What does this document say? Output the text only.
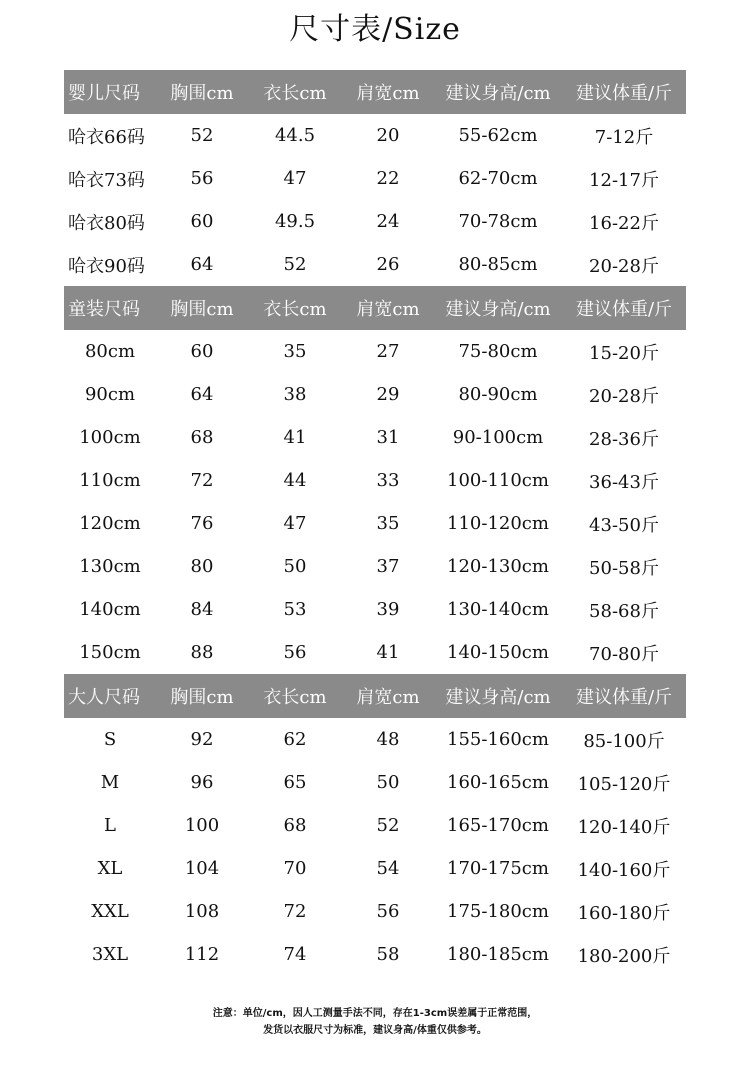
尺寸表/Size
婴儿尺码	胸围cm	衣长cm	肩宽cm	建议身高/cm	建议体重/斤
哈衣66码	52	44.5	20	55-62cm	7-12斤
哈衣73码	56	47	22	62-70cm	12-17斤
哈衣80码	60	49.5	24	70-78cm	16-22斤
哈衣90码	64	52	26	80-85cm	20-28斤
童装尺码	胸围cm	衣长cm	肩宽cm	建议身高/cm	建议体重/斤
80cm	60	35	27	75-80cm	15-20斤
90cm	64	38	29	80-90cm	20-28斤
100cm	68	41	31	90-100cm	28-36斤
110cm	72	44	33	100-110cm	36-43斤
120cm	76	47	35	110-120cm	43-50斤
130cm	80	50	37	120-130cm	50-58斤
140cm	84	53	39	130-140cm	58-68斤
150cm	88	56	41	140-150cm	70-80斤
大人尺码	胸围cm	衣长cm	肩宽cm	建议身高/cm	建议体重/斤
S	92	62	48	155-160cm	85-100斤
M	96	65	50	160-165cm	105-120斤
L	100	68	52	165-170cm	120-140斤
XL	104	70	54	170-175cm	140-160斤
XXL	108	72	56	175-180cm	160-180斤
3XL	112	74	58	180-185cm	180-200斤
注意：单位/cm，因人工测量手法不同，存在1-3cm误差属于正常范围，
发货以衣服尺寸为标准，建议身高/体重仅供参考。
